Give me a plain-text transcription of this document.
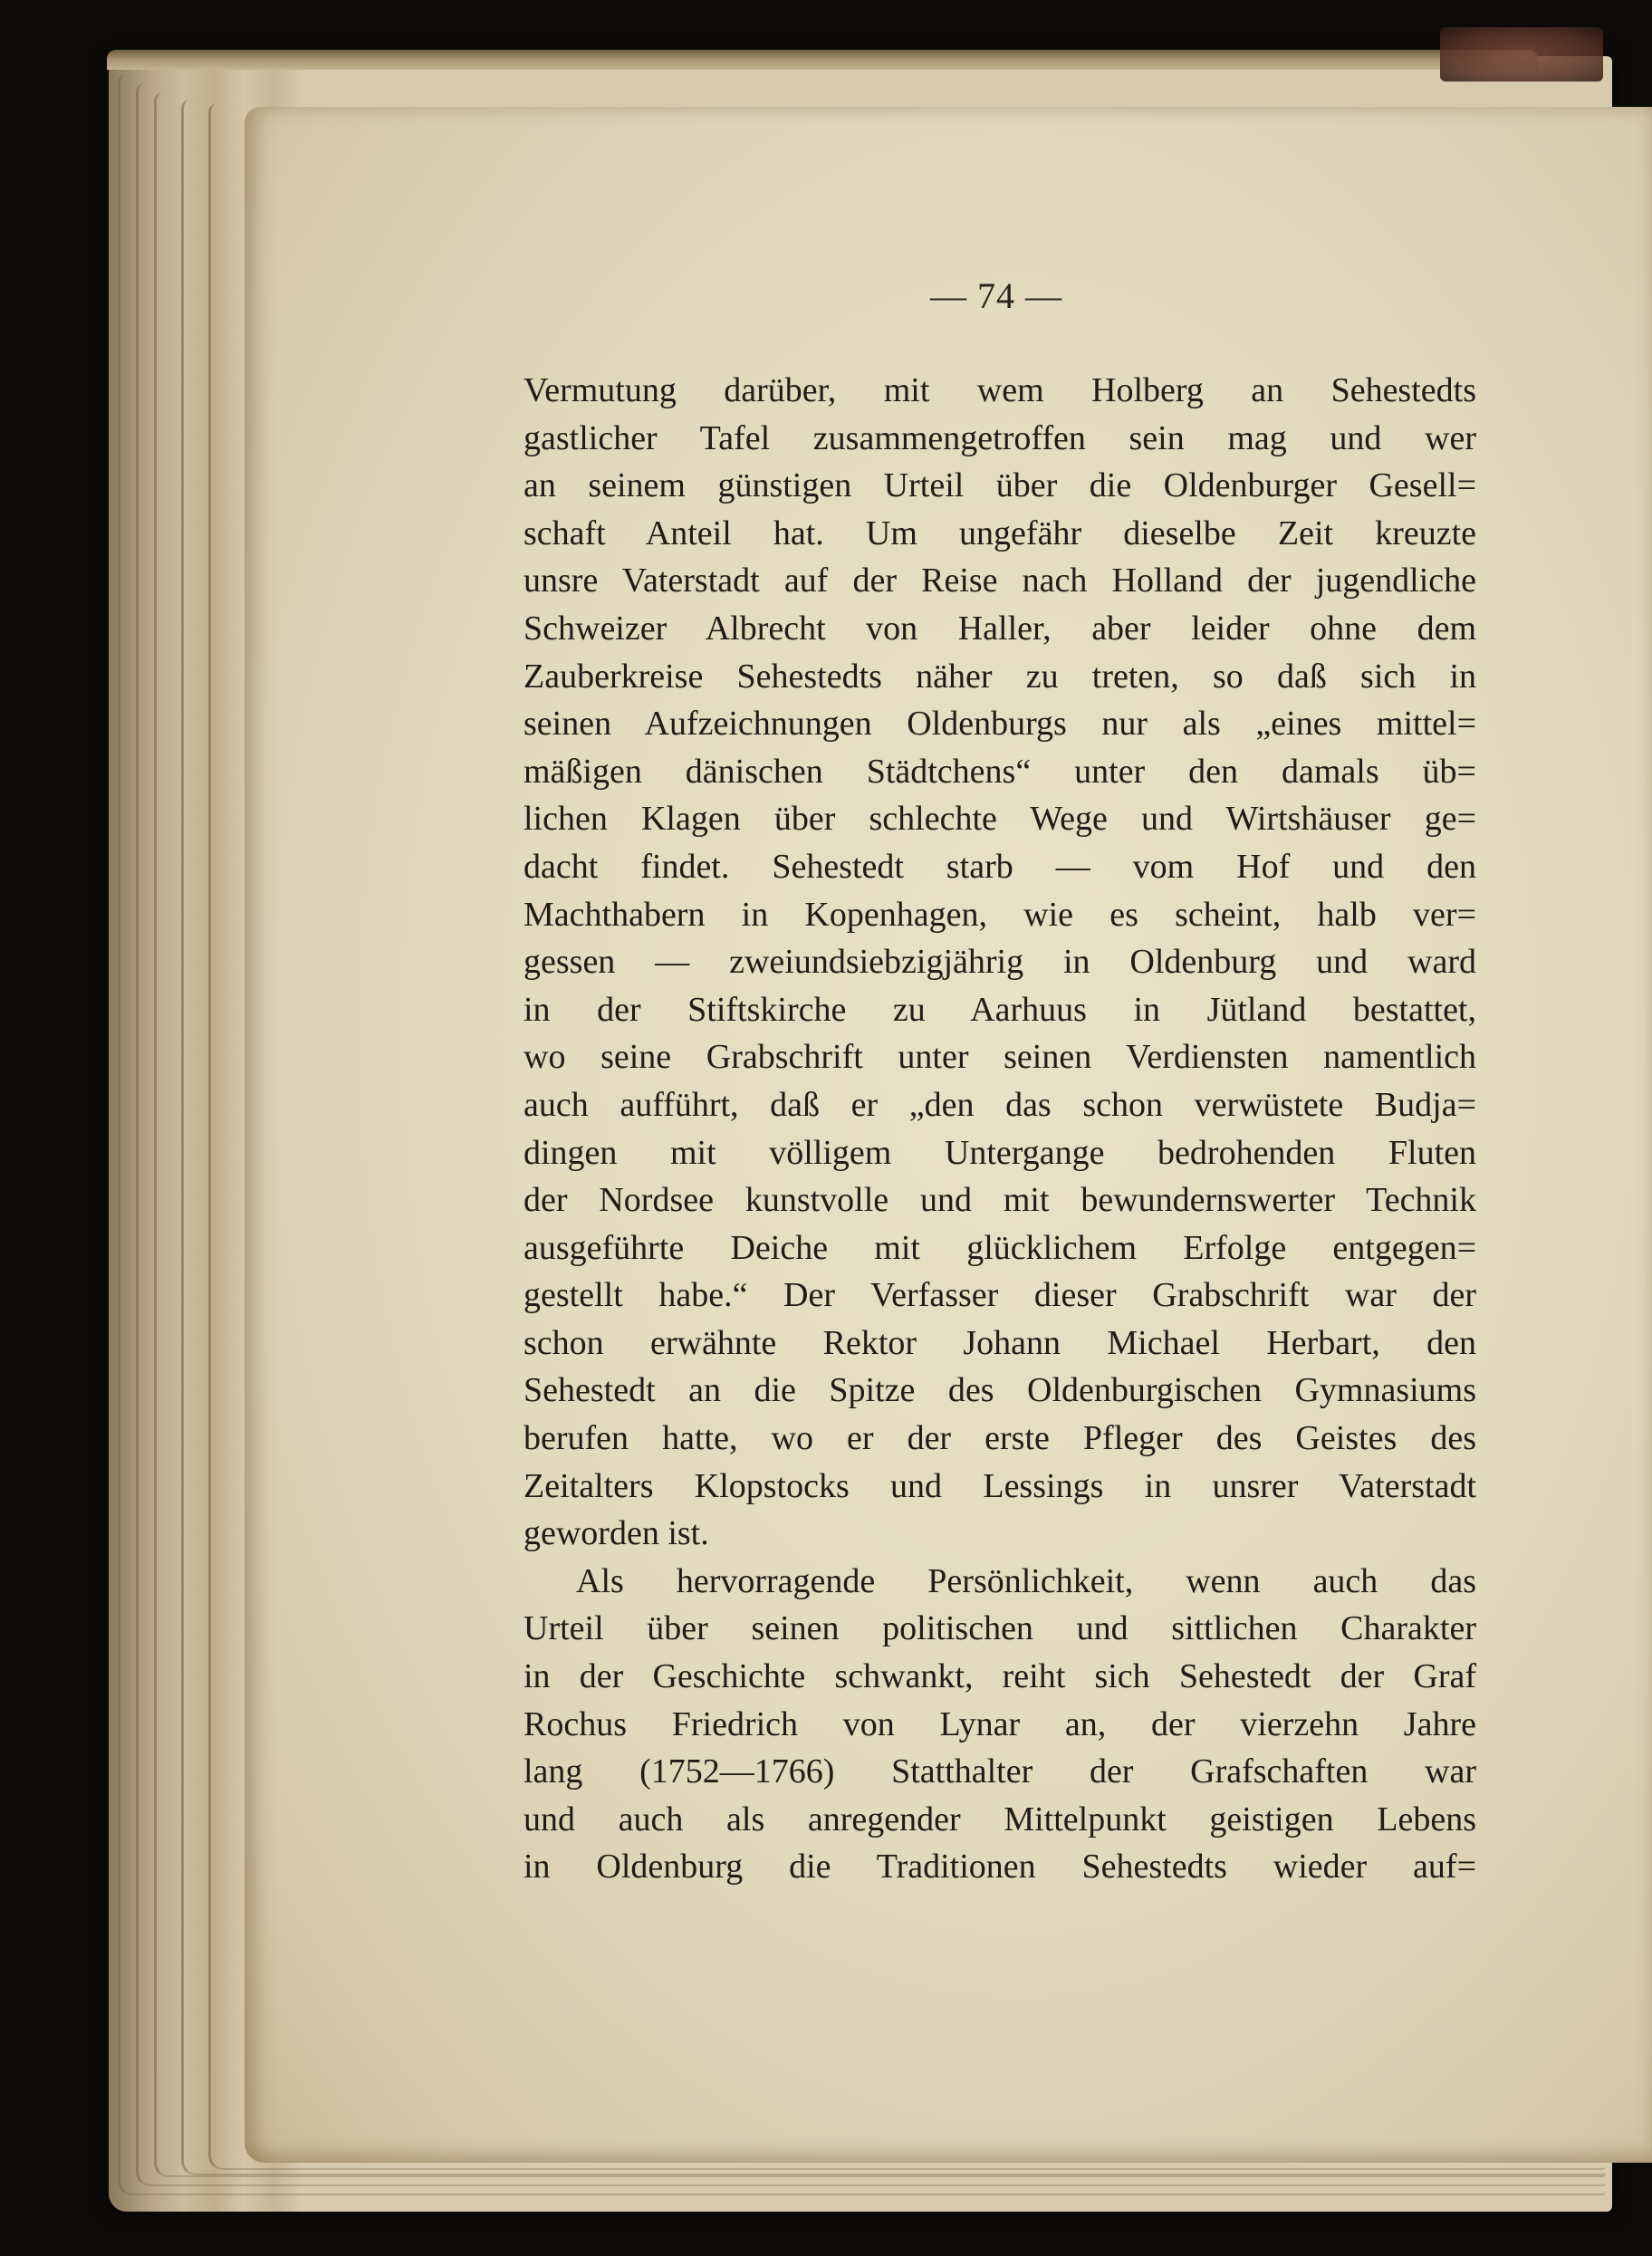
— 74 —
Vermutung darüber, mit wem Holberg an Sehestedts
gastlicher Tafel zusammengetroffen sein mag und wer
an seinem günstigen Urteil über die Oldenburger Gesell=
schaft Anteil hat. Um ungefähr dieselbe Zeit kreuzte
unsre Vaterstadt auf der Reise nach Holland der jugendliche
Schweizer Albrecht von Haller, aber leider ohne dem
Zauberkreise Sehestedts näher zu treten, so daß sich in
seinen Aufzeichnungen Oldenburgs nur als „eines mittel=
mäßigen dänischen Städtchens“ unter den damals üb=
lichen Klagen über schlechte Wege und Wirtshäuser ge=
dacht findet. Sehestedt starb — vom Hof und den
Machthabern in Kopenhagen, wie es scheint, halb ver=
gessen — zweiundsiebzigjährig in Oldenburg und ward
in der Stiftskirche zu Aarhuus in Jütland bestattet,
wo seine Grabschrift unter seinen Verdiensten namentlich
auch aufführt, daß er „den das schon verwüstete Budja=
dingen mit völligem Untergange bedrohenden Fluten
der Nordsee kunstvolle und mit bewundernswerter Technik
ausgeführte Deiche mit glücklichem Erfolge entgegen=
gestellt habe.“ Der Verfasser dieser Grabschrift war der
schon erwähnte Rektor Johann Michael Herbart, den
Sehestedt an die Spitze des Oldenburgischen Gymnasiums
berufen hatte, wo er der erste Pfleger des Geistes des
Zeitalters Klopstocks und Lessings in unsrer Vaterstadt
geworden ist.
Als hervorragende Persönlichkeit, wenn auch das
Urteil über seinen politischen und sittlichen Charakter
in der Geschichte schwankt, reiht sich Sehestedt der Graf
Rochus Friedrich von Lynar an, der vierzehn Jahre
lang (1752—1766) Statthalter der Grafschaften war
und auch als anregender Mittelpunkt geistigen Lebens
in Oldenburg die Traditionen Sehestedts wieder auf=
